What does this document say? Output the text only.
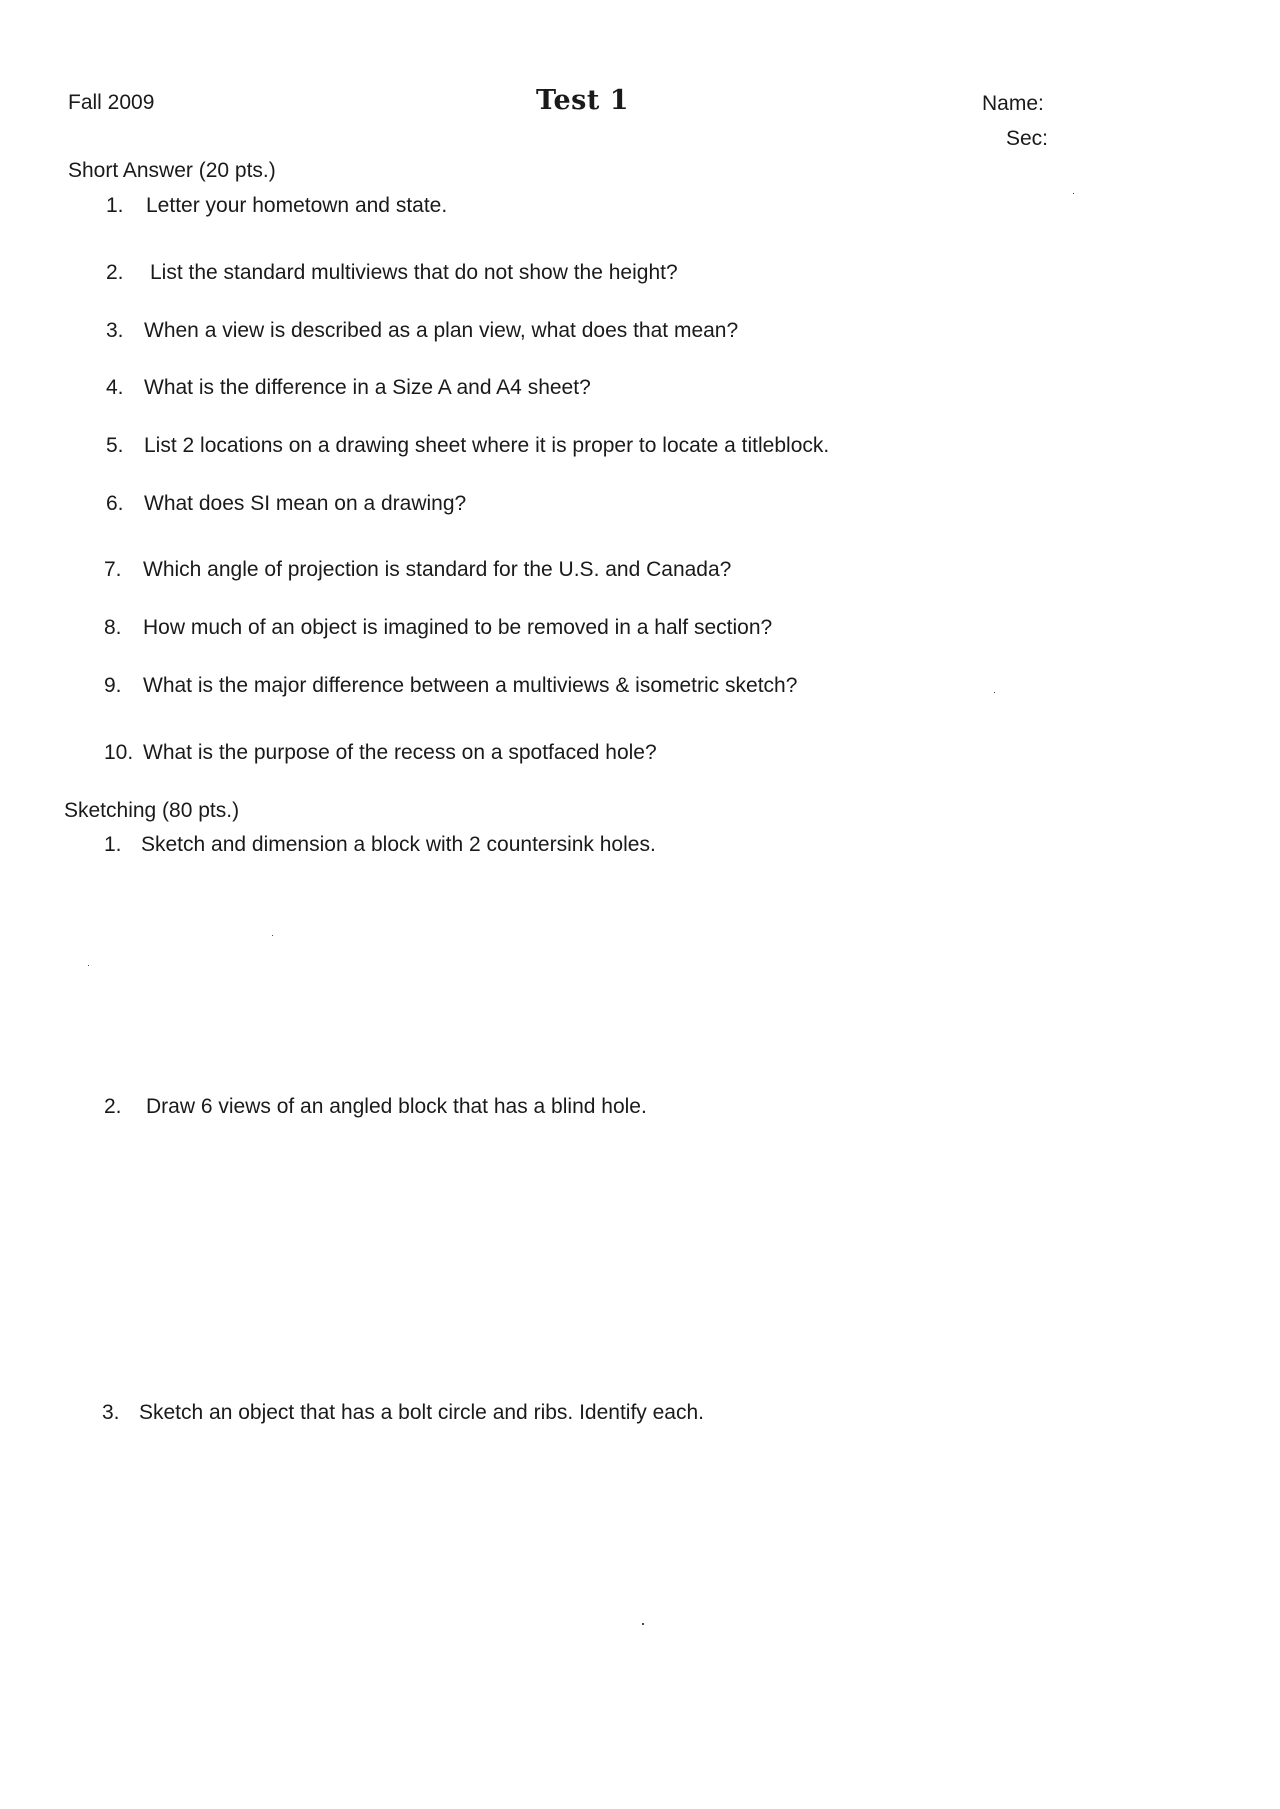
Fall 2009	Test 1	Name:
Sec:
Short Answer (20 pts.)
1. Letter your hometown and state.
2. List the standard multiviews that do not show the height?
3. When a view is described as a plan view, what does that mean?
4. What is the difference in a Size A and A4 sheet?
5. List 2 locations on a drawing sheet where it is proper to locate a titleblock.
6. What does SI mean on a drawing?
7. Which angle of projection is standard for the U.S. and Canada?
8. How much of an object is imagined to be removed in a half section?
9. What is the major difference between a multiviews & isometric sketch?
10. What is the purpose of the recess on a spotfaced hole?
Sketching (80 pts.)
1. Sketch and dimension a block with 2 countersink holes.
2. Draw 6 views of an angled block that has a blind hole.
3. Sketch an object that has a bolt circle and ribs. Identify each.
